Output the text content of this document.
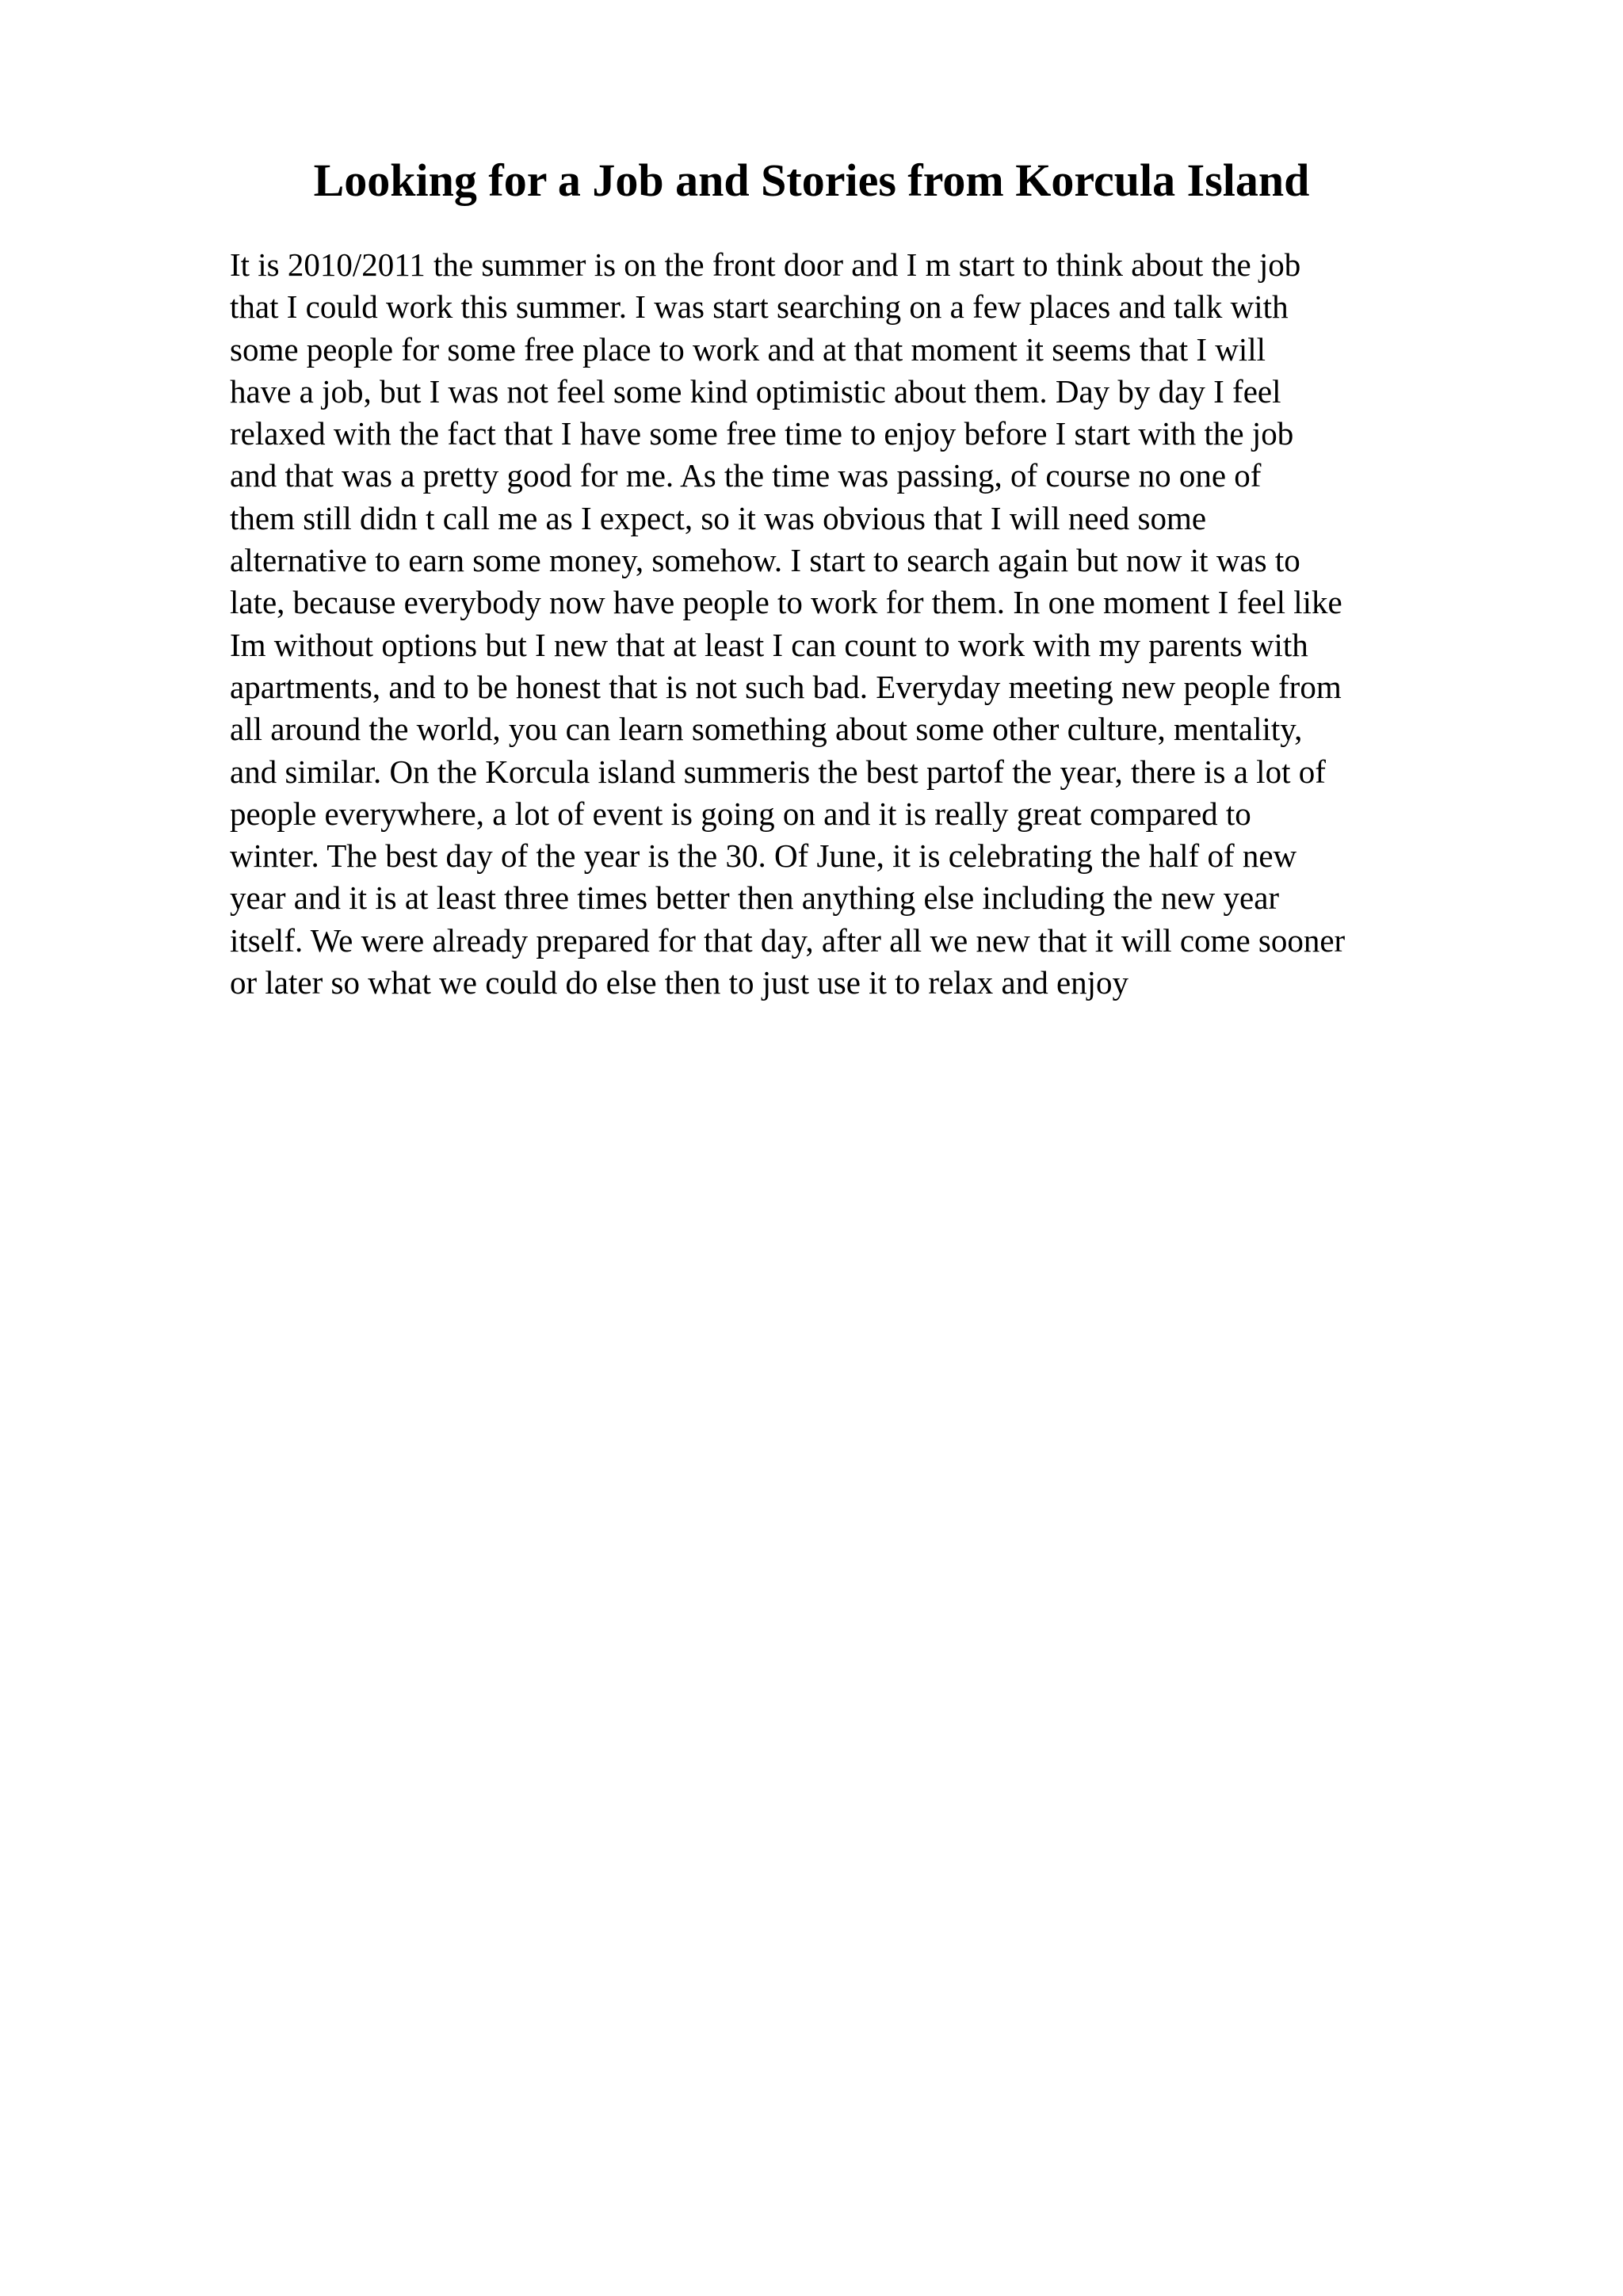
Looking for a Job and Stories from Korcula Island
It is 2010/2011 the summer is on the front door and I m start to think about the job
that I could work this summer. I was start searching on a few places and talk with
some people for some free place to work and at that moment it seems that I will
have a job, but I was not feel some kind optimistic about them. Day by day I feel
relaxed with the fact that I have some free time to enjoy before I start with the job
and that was a pretty good for me. As the time was passing, of course no one of
them still didn t call me as I expect, so it was obvious that I will need some
alternative to earn some money, somehow. I start to search again but now it was to
late, because everybody now have people to work for them. In one moment I feel like
Im without options but I new that at least I can count to work with my parents with
apartments, and to be honest that is not such bad. Everyday meeting new people from
all around the world, you can learn something about some other culture, mentality,
and similar. On the Korcula island summeris the best partof the year, there is a lot of
people everywhere, a lot of event is going on and it is really great compared to
winter. The best day of the year is the 30. Of June, it is celebrating the half of new
year and it is at least three times better then anything else including the new year
itself. We were already prepared for that day, after all we new that it will come sooner
or later so what we could do else then to just use it to relax and enjoy
